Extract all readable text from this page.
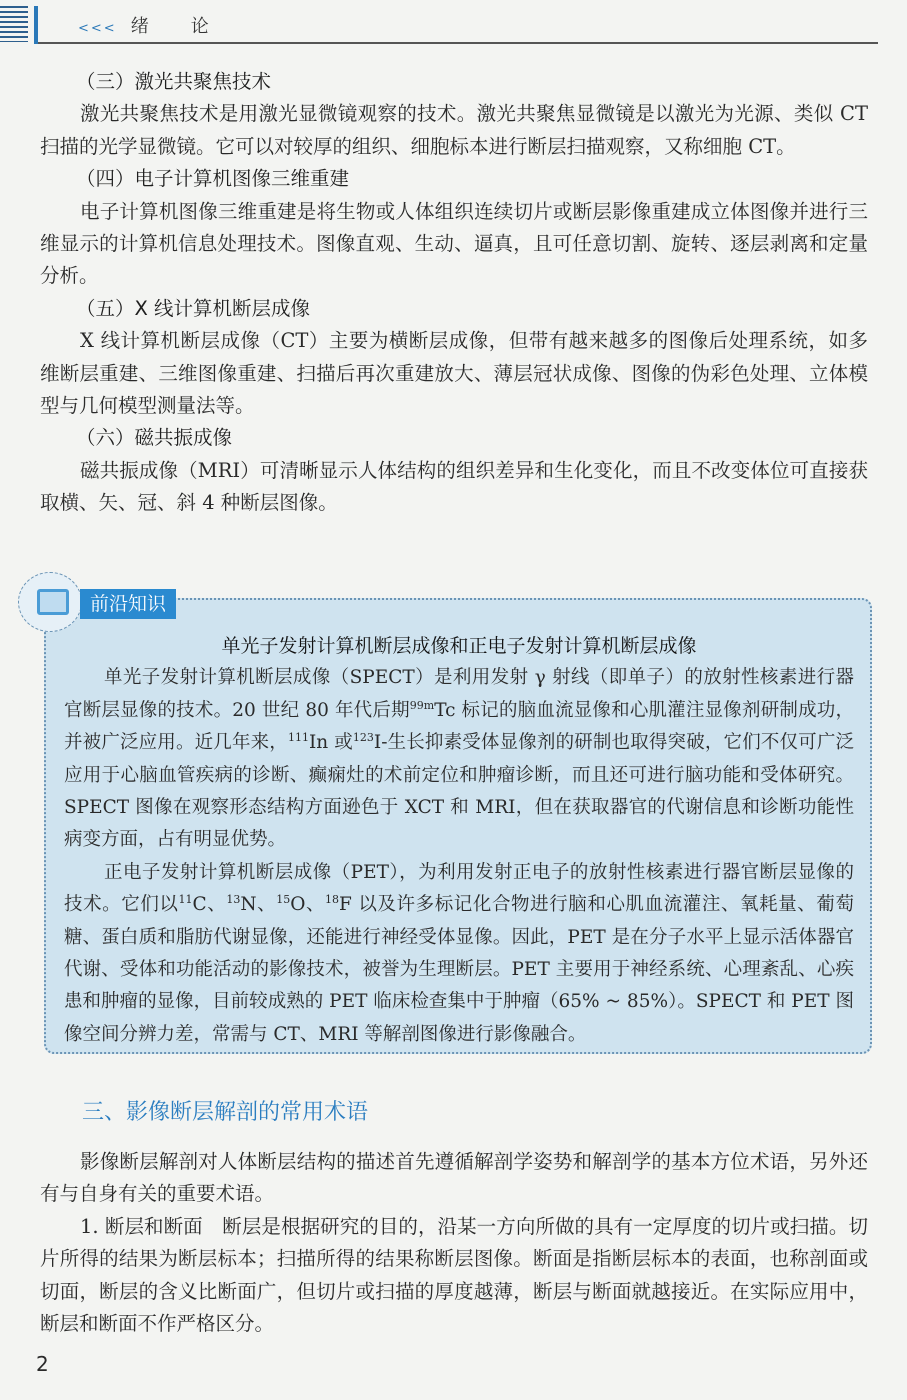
<<< 绪 论
（三）激光共聚焦技术

激光共聚焦技术是用激光显微镜观察的技术。激光共聚焦显微镜是以激光为光源、类似 CT 扫描的光学显微镜。它可以对较厚的组织、细胞标本进行断层扫描观察，又称细胞 CT。

（四）电子计算机图像三维重建

电子计算机图像三维重建是将生物或人体组织连续切片或断层影像重建成立体图像并进行三维显示的计算机信息处理技术。图像直观、生动、逼真，且可任意切割、旋转、逐层剥离和定量分析。

（五）X 线计算机断层成像

X 线计算机断层成像（CT）主要为横断层成像，但带有越来越多的图像后处理系统，如多维断层重建、三维图像重建、扫描后再次重建放大、薄层冠状成像、图像的伪彩色处理、立体模型与几何模型测量法等。

（六）磁共振成像

磁共振成像（MRI）可清晰显示人体结构的组织差异和生化变化，而且不改变体位可直接获取横、矢、冠、斜 4 种断层图像。

前沿知识

单光子发射计算机断层成像和正电子发射计算机断层成像

单光子发射计算机断层成像（SPECT）是利用发射 γ 射线（即单子）的放射性核素进行器官断层显像的技术。20 世纪 80 年代后期$^{99m}$Tc 标记的脑血流显像和心肌灌注显像剂研制成功，并被广泛应用。近几年来，$^{111}$In 或$^{123}$I-生长抑素受体显像剂的研制也取得突破，它们不仅可广泛应用于心脑血管疾病的诊断、癫痫灶的术前定位和肿瘤诊断，而且还可进行脑功能和受体研究。SPECT 图像在观察形态结构方面逊色于 XCT 和 MRI，但在获取器官的代谢信息和诊断功能性病变方面，占有明显优势。

正电子发射计算机断层成像（PET），为利用发射正电子的放射性核素进行器官断层显像的技术。它们以$^{11}$C、$^{13}$N、$^{15}$O、$^{18}$F 以及许多标记化合物进行脑和心肌血流灌注、氧耗量、葡萄糖、蛋白质和脂肪代谢显像，还能进行神经受体显像。因此，PET 是在分子水平上显示活体器官代谢、受体和功能活动的影像技术，被誉为生理断层。PET 主要用于神经系统、心理紊乱、心疾患和肿瘤的显像，目前较成熟的 PET 临床检查集中于肿瘤（65% ~ 85%）。SPECT 和 PET 图像空间分辨力差，常需与 CT、MRI 等解剖图像进行影像融合。

三、影像断层解剖的常用术语

影像断层解剖对人体断层结构的描述首先遵循解剖学姿势和解剖学的基本方位术语，另外还有与自身有关的重要术语。

1. 断层和断面　断层是根据研究的目的，沿某一方向所做的具有一定厚度的切片或扫描。切片所得的结果为断层标本；扫描所得的结果称断层图像。断面是指断层标本的表面，也称剖面或切面，断层的含义比断面广，但切片或扫描的厚度越薄，断层与断面就越接近。在实际应用中，断层和断面不作严格区分。

2
